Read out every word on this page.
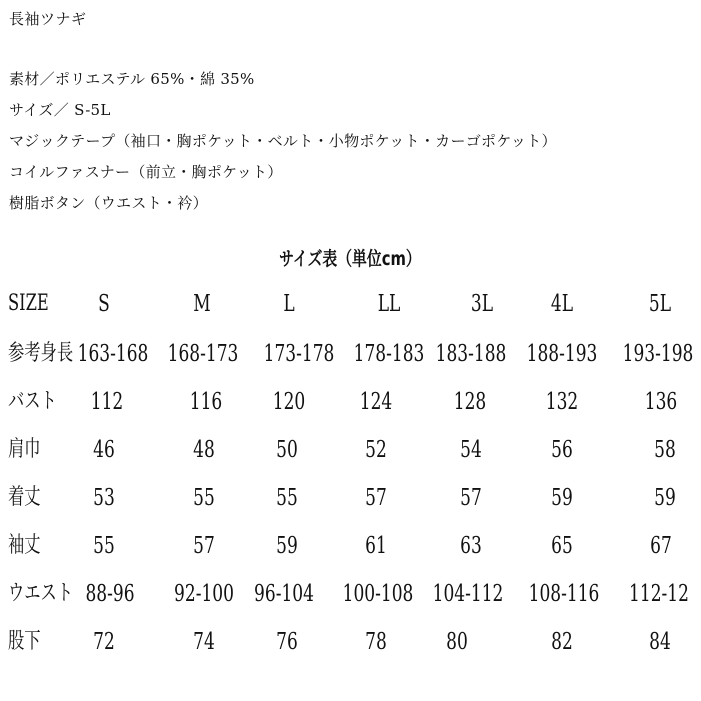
長袖ツナギ
素材／ポリエステル 65%・綿 35%
サイズ／ S-5L
マジックテープ（袖口・胸ポケット・ベルト・小物ポケット・カーゴポケット）
コイルファスナー（前立・胸ポケット）
樹脂ボタン（ウエスト・衿）
サイズ表（単位cm）
SIZE S	M	L	LL	3L	4L	5L
参考身長 163-168 168-173 173-178 178-183 183-188 188-193 193-198
バスト 112	116 120 124	128	132	136
肩巾 46	48	50	52	54	56	58
着丈 53	55	55	57	57	59	59
袖丈 55	57	59	61	63	65	67
ウエスト 88-96 92-100 96-104 100-108 104-112 108-116 112-12
股下 72	74	76	78	80	82	84
